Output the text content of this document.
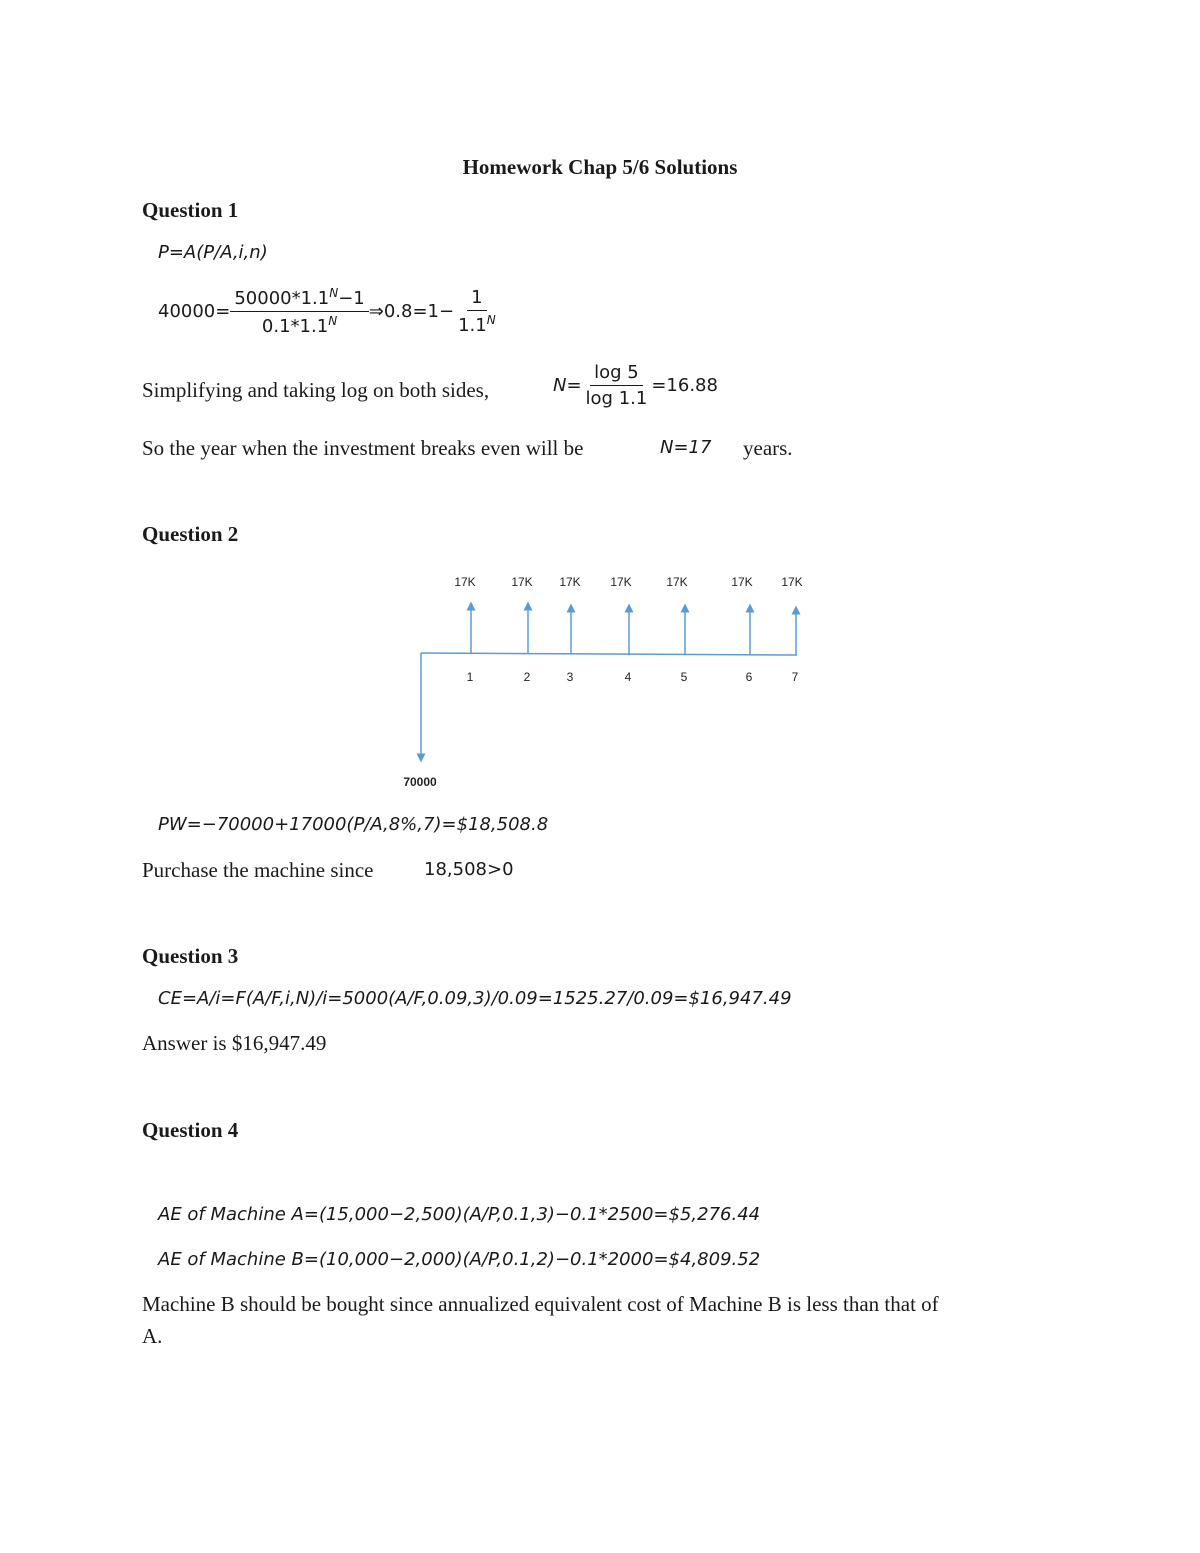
Homework Chap 5/6 Solutions
Question 1
P=A(P/A,i,n)
$40000= \frac{50000*1.1^N-1}{0.1*1.1^N}$ ⇒0.8=1− $\frac{1}{1.1^N}$
Simplifying and taking log on both sides,	$N= \frac{\log 5}{\log 1.1} =16.88$
So the year when the investment breaks even will be	N=17 years.
Question 2
70000
17K
1
17K
2
17K
3
17K
4
17K
5
17K
6
17K
7
PW=−70000+17000(P/A,8%,7)=$18,508.8
Purchase the machine since	18,508>0
Question 3
CE=A/i=F(A/F,i,N)/i=5000(A/F,0.09,3)/0.09=1525.27/0.09=$16,947.49
Answer is $16,947.49
Question 4
AE of Machine A=(15,000−2,500)(A/P,0.1,3)−0.1*2500=$5,276.44
AE of Machine B=(10,000−2,000)(A/P,0.1,2)−0.1*2000=$4,809.52
Machine B should be bought since annualized equivalent cost of Machine B is less than that of
A.
